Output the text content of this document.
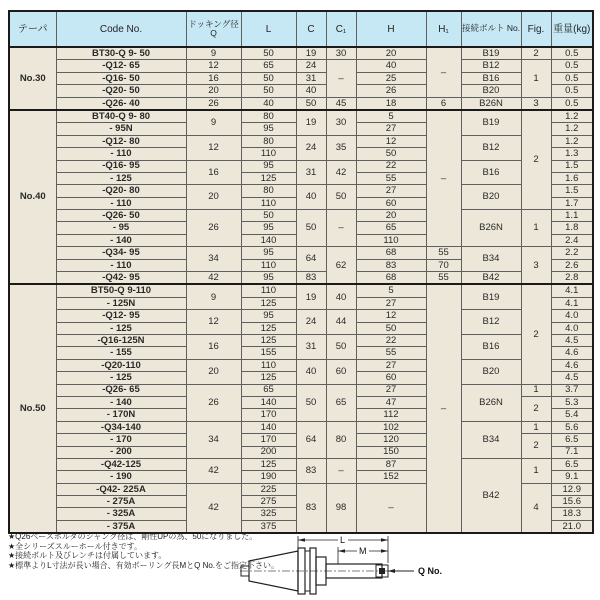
テーパ	Code No.	ドッキング径Q	L	C	C₁	H	H₁	接続ボルト No.	Fig.	重量(kg)
No.30	BT30-Q 9- 50	9	50	19	30	20	–	B19	2	0.5
	-Q12- 65	12	65	24	–	40		B12	1	0.5
	-Q16- 50	16	50	31		25		B16		0.5
	-Q20- 50	20	50	40		26		B20		0.5
	-Q26- 40	26	40	50	45	18	6	B26N	3	0.5
No.40	BT40-Q 9- 80	9	80	19	30	5	–	B19	2	1.2
	- 95N		95			27				1.2
	-Q12- 80	12	80	24	35	12		B12		1.2
	- 110		110			50				1.3
	-Q16- 95	16	95	31	42	22		B16		1.5
	- 125		125			55				1.6
	-Q20- 80	20	80	40	50	27		B20		1.5
	- 110		110			60				1.7
	-Q26- 50	26	50	50	–	20		B26N	1	1.1
	- 95		95			65				1.8
	- 140		140			110				2.4
	-Q34- 95	34	95	64	62	68	55	B34	3	2.2
	- 110		110			83	70			2.6
	-Q42- 95	42	95	83		68	55	B42		2.8
No.50	BT50-Q 9-110	9	110	19	40	5	–	B19	2	4.1
	- 125N		125			27				4.1
	-Q12- 95	12	95	24	44	12		B12		4.0
	- 125		125			50				4.0
	-Q16-125N	16	125	31	50	22		B16		4.5
	- 155		155			55				4.6
	-Q20-110	20	110	40	60	27		B20		4.6
	- 125		125			60				4.5
	-Q26- 65	26	65	50	65	27		B26N	1	3.7
	- 140		140			47			2	5.3
	- 170N		170			112				5.4
	-Q34-140	34	140	64	80	102		B34	1	5.6
	- 170		170			120			2	6.5
	- 200		200			150				7.1
	-Q42-125	42	125	83	–	87		B42	1	6.5
	- 190		190			152				9.1
	-Q42- 225A	42	225	83	98	–			4	12.9
	- 275A		275							15.6
	- 325A		325							18.3
	- 375A		375							21.0
★Q26ベースホルダのシャンク径は、剛性UPの為、50になりました。
★全シリーズスルーホール付きです。
★接続ボルト及びレンチは付属しています。
★標準よりL寸法が長い場合、有効ボーリング長MとQ No.をご指定下さい。
Q No.
L
M
